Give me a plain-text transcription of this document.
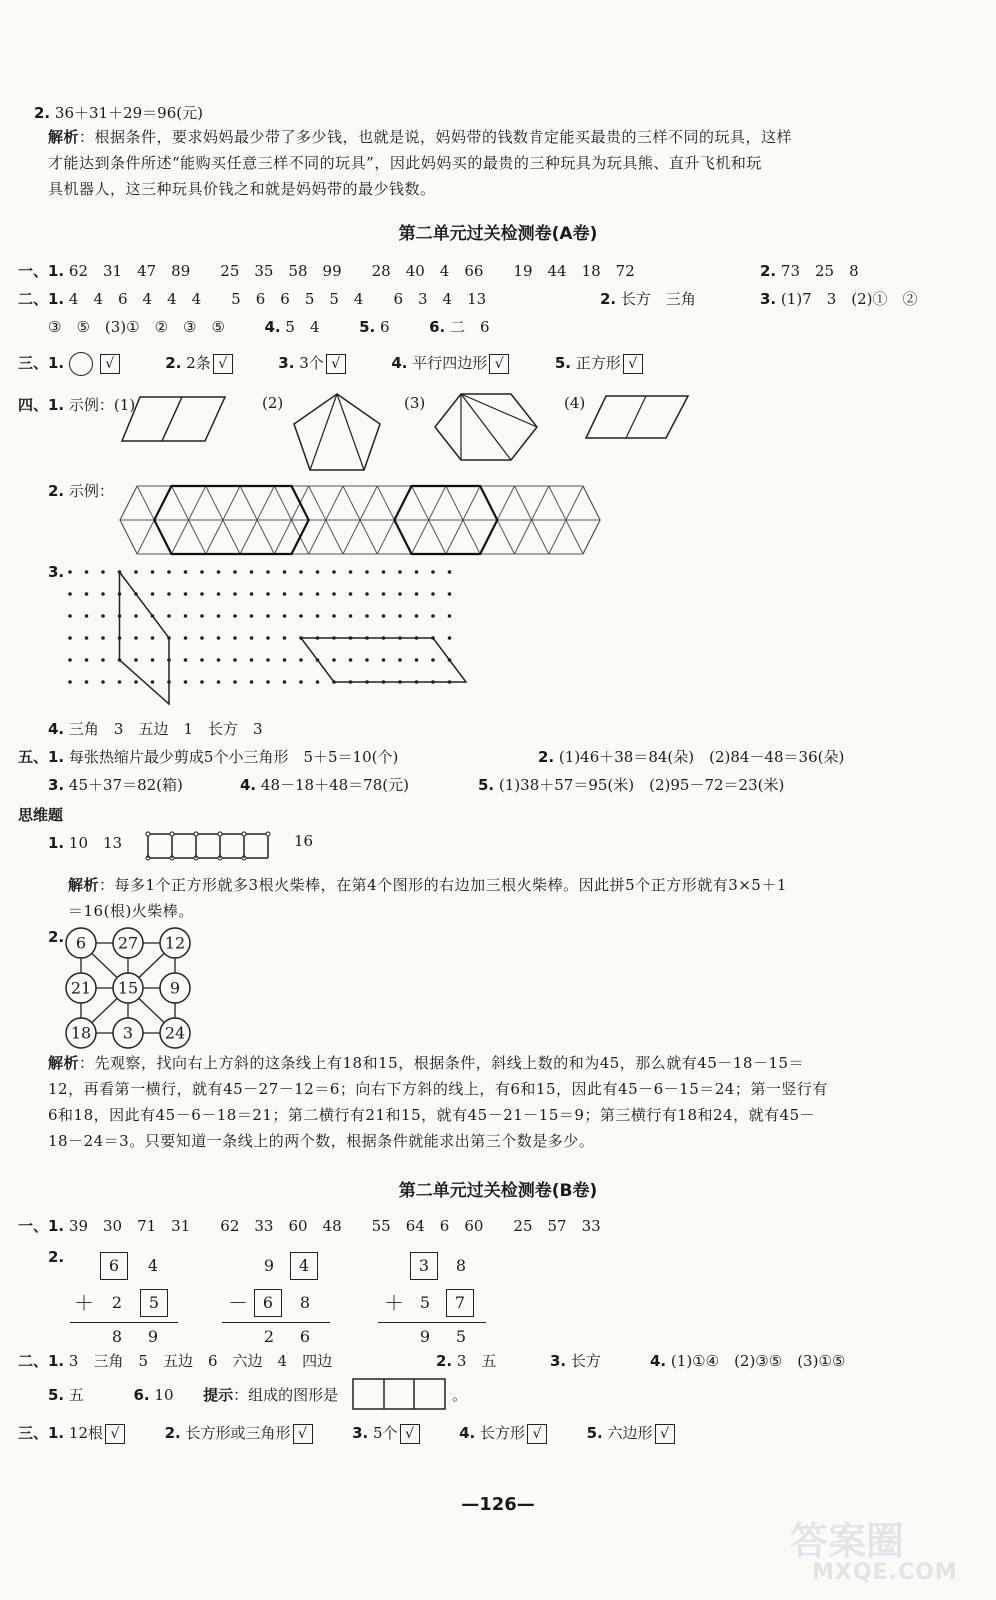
2. 36＋31＋29＝96(元)
解析：根据条件，要求妈妈最少带了多少钱，也就是说，妈妈带的钱数肯定能买最贵的三样不同的玩具，这样
才能达到条件所述“能购买任意三样不同的玩具”，因此妈妈买的最贵的三种玩具为玩具熊、直升飞机和玩
具机器人，这三种玩具价钱之和就是妈妈带的最少钱数。
第二单元过关检测卷(A卷)
一、1. 62　31　47　89　　25　35　58　99　　28　40　4　66　　19　44　18　72	2. 73　25　8
二、1. 4　4　6　4　4　4　　5　6　6　5　5　4　　6　3　4　13	2. 长方　三角	3. (1)7　3　(2)①　②
③　⑤　(3)①　②　③　⑤	4. 5　4	5. 6	6. 二　6
三、1.	√	2. 2条 √	3. 3个 √	4. 平行四边形 √	5. 正方形 √
四、1. 示例：(1)	(2)	(3)	(4)
2. 示例：
3.
4. 三角　3　五边　1　长方　3
五、1. 每张热缩片最少剪成5个小三角形　5＋5＝10(个)	2. (1)46＋38＝84(朵)　(2)84－48＝36(朵)
3. 45＋37＝82(箱)	4. 48－18＋48＝78(元)	5. (1)38＋57＝95(米)　(2)95－72＝23(米)
思维题
1. 10　13	16
解析：每多1个正方形就多3根火柴棒，在第4个图形的右边加三根火柴棒。因此拼5个正方形就有3×5＋1
＝16(根)火柴棒。
2. 6 27 12
21 15 9
18 3 24
解析：先观察，找向右上方斜的这条线上有18和15，根据条件，斜线上数的和为45，那么就有45－18－15＝
12，再看第一横行，就有45－27－12＝6；向右下方斜的线上，有6和15，因此有45－6－15＝24；第一竖行有
6和18，因此有45－6－18＝21；第二横行有21和15，就有45－21－15＝9；第三横行有18和24，就有45－
18－24＝3。只要知道一条线上的两个数，根据条件就能求出第三个数是多少。
第二单元过关检测卷(B卷)
一、1. 39　30　71　31　　62　33　60　48　　55　64　6　60　　25　57　33
2.	6	4
＋	2	5
8	9
9	4
－ 6	8
2	6
3	8
＋ 5	7
9	5
二、1. 3　三角　5　五边　6　六边　4　四边	2. 3　五	3. 长方	4. (1)①④　(2)③⑤　(3)①⑤
5. 五	6. 10 提示：组成的图形是	。
三、1. 12根 √	2. 长方形或三角形 √	3. 5个 √	4. 长方形 √	5. 六边形 √
—126—
答案圈
MXQE.COM
